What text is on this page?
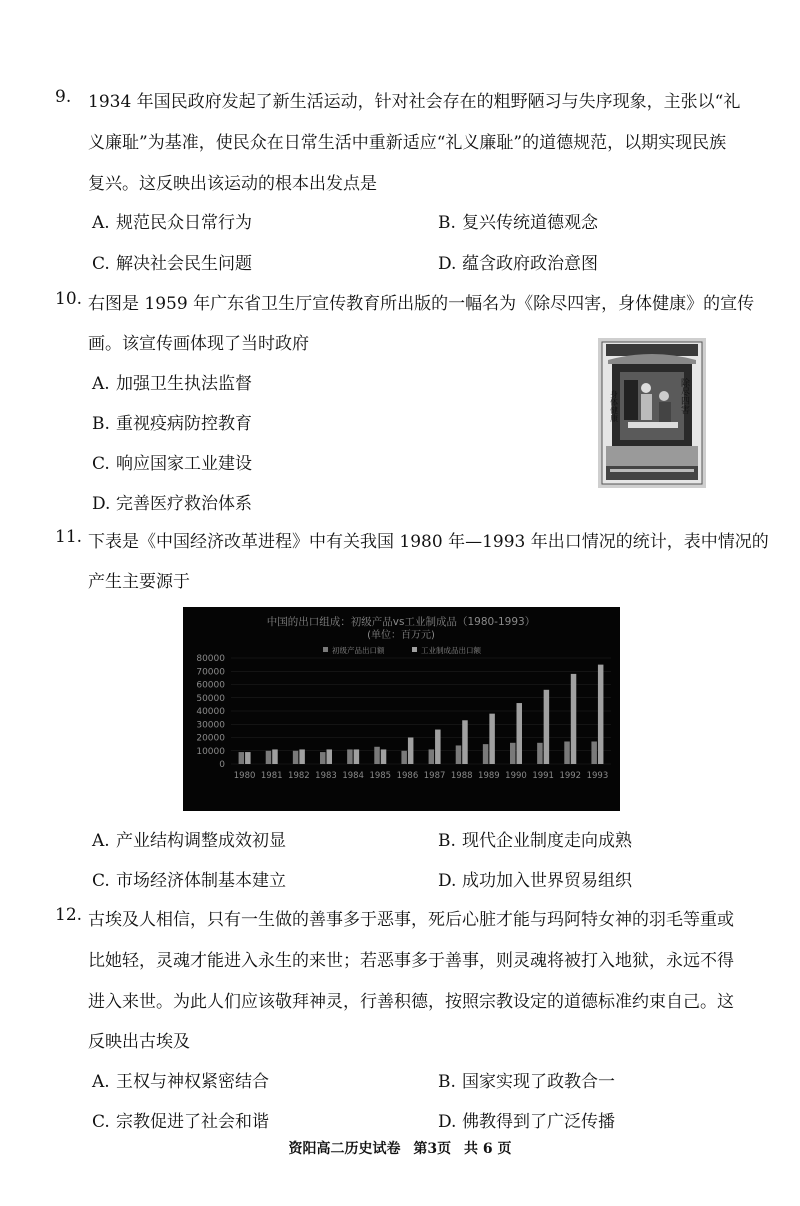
9. 1934 年国民政府发起了新生活运动，针对社会存在的粗野陋习与失序现象，主张以“礼
义廉耻”为基准，使民众在日常生活中重新适应“礼义廉耻”的道德规范，以期实现民族
复兴。这反映出该运动的根本出发点是
A. 规范民众日常行为	B. 复兴传统道德观念
C. 解决社会民生问题	D. 蕴含政府政治意图
10. 右图是 1959 年广东省卫生厅宣传教育所出版的一幅名为《除尽四害，身体健康》的宣传
画。该宣传画体现了当时政府
A. 加强卫生执法监督
B. 重视疫病防控教育
C. 响应国家工业建设
D. 完善医疗救治体系
除尽四害
身体健康
11. 下表是《中国经济改革进程》中有关我国 1980 年—1993 年出口情况的统计，表中情况的
产生主要源于
中国的出口组成：初级产品vs工业制成品（1980-1993）
(单位：百万元)
初级产品出口额	工业制成品出口额
80000
70000
60000
50000
40000
30000
20000
10000
0
1980 1981 1982 1983 1984 1985 1986 1987 1988 1989 1990 1991 1992 1993
A. 产业结构调整成效初显	B. 现代企业制度走向成熟
C. 市场经济体制基本建立	D. 成功加入世界贸易组织
12. 古埃及人相信，只有一生做的善事多于恶事，死后心脏才能与玛阿特女神的羽毛等重或
比她轻，灵魂才能进入永生的来世；若恶事多于善事，则灵魂将被打入地狱，永远不得
进入来世。为此人们应该敬拜神灵，行善积德，按照宗教设定的道德标准约束自己。这
反映出古埃及
A. 王权与神权紧密结合	B. 国家实现了政教合一
C. 宗教促进了社会和谐	D. 佛教得到了广泛传播
资阳高二历史试卷 第3页 共 6 页
